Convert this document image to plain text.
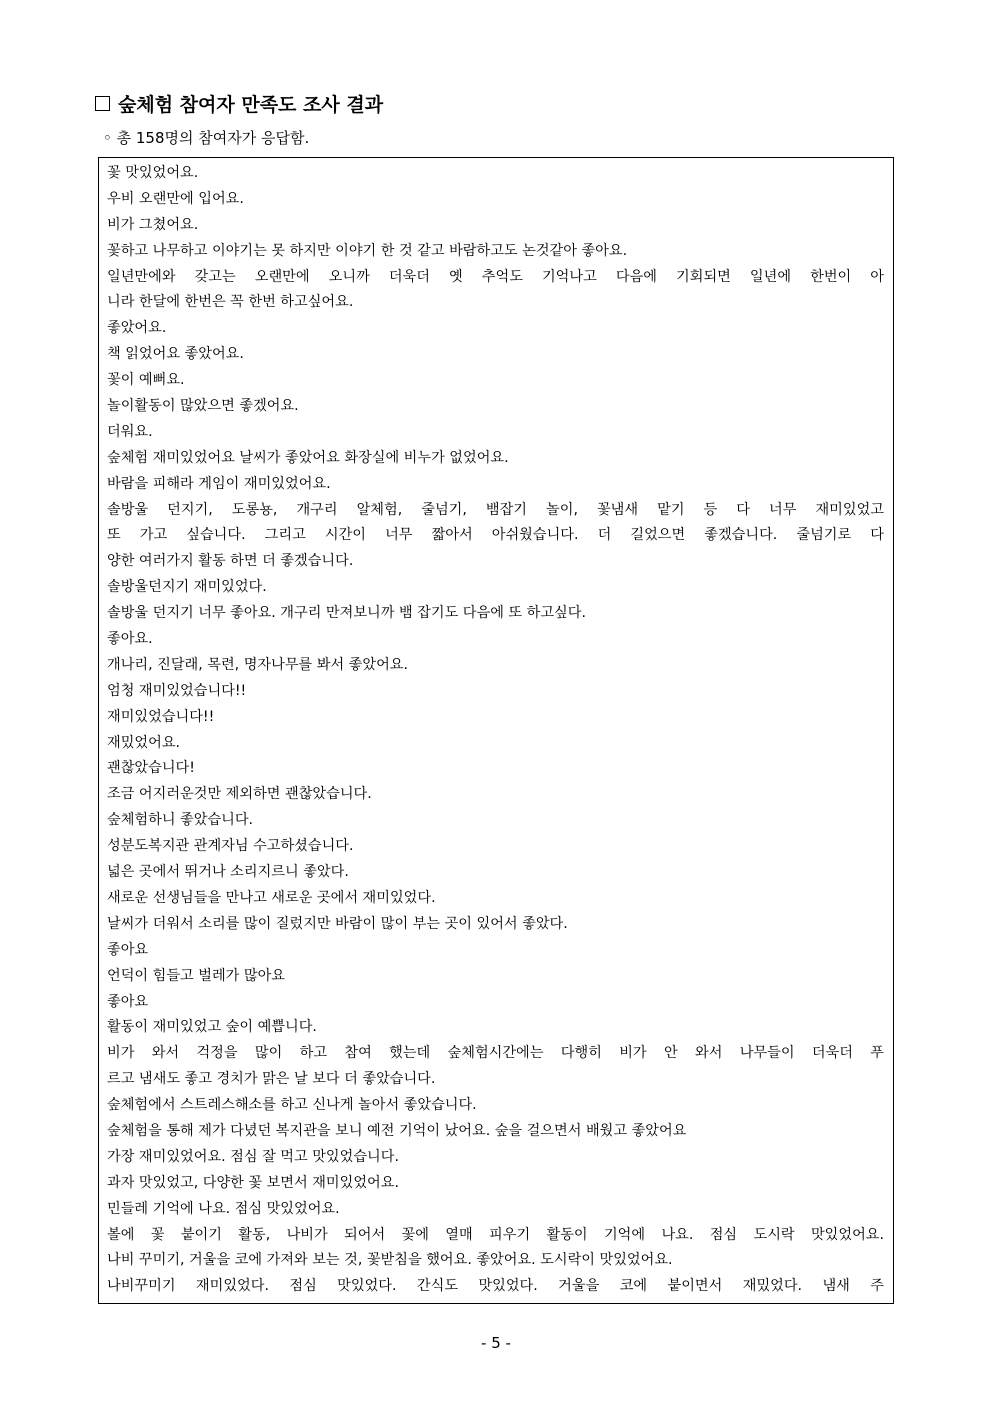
숲체험 참여자 만족도 조사 결과
◦ 총 158명의 참여자가 응답함.
꽃 맛있었어요.
우비 오랜만에 입어요.
비가 그쳤어요.
꽃하고 나무하고 이야기는 못 하지만 이야기 한 것 같고 바람하고도 논것같아 좋아요.
일년만에와 갖고는 오랜만에 오니까 더욱더 옛 추억도 기억나고 다음에 기회되면 일년에 한번이 아
니라 한달에 한번은 꼭 한번 하고싶어요.
좋았어요.
책 읽었어요 좋았어요.
꽃이 예뻐요.
놀이활동이 많았으면 좋겠어요.
더워요.
숲체험 재미있었어요 날씨가 좋았어요 화장실에 비누가 없었어요.
바람을 피해라 게임이 재미있었어요.
솔방울 던지기, 도롱뇽, 개구리 알체험, 줄넘기, 뱀잡기 놀이, 꽃냄새 맡기 등 다 너무 재미있었고
또 가고 싶습니다. 그리고 시간이 너무 짧아서 아쉬웠습니다. 더 길었으면 좋겠습니다. 줄넘기로 다
양한 여러가지 활동 하면 더 좋겠습니다.
솔방울던지기 재미있었다.
솔방울 던지기 너무 좋아요. 개구리 만져보니까 뱀 잡기도 다음에 또 하고싶다.
좋아요.
개나리, 진달래, 목련, 명자나무를 봐서 좋았어요.
엄청 재미있었습니다!!
재미있었습니다!!
재밌었어요.
괜찮았습니다!
조금 어지러운것만 제외하면 괜찮았습니다.
숲체험하니 좋았습니다.
성분도복지관 관계자님 수고하셨습니다.
넓은 곳에서 뛰거나 소리지르니 좋았다.
새로운 선생님들을 만나고 새로운 곳에서 재미있었다.
날씨가 더워서 소리를 많이 질렀지만 바람이 많이 부는 곳이 있어서 좋았다.
좋아요
언덕이 힘들고 벌레가 많아요
좋아요
활동이 재미있었고 숲이 예쁩니다.
비가 와서 걱정을 많이 하고 참여 했는데 숲체험시간에는 다행히 비가 안 와서 나무들이 더욱더 푸
르고 냄새도 좋고 경치가 맑은 날 보다 더 좋았습니다.
숲체험에서 스트레스해소를 하고 신나게 놀아서 좋았습니다.
숲체험을 통해 제가 다녔던 복지관을 보니 예전 기억이 났어요. 숲을 걸으면서 배웠고 좋았어요
가장 재미있었어요. 점심 잘 먹고 맛있었습니다.
과자 맛있었고, 다양한 꽃 보면서 재미있었어요.
민들레 기억에 나요. 점심 맛있었어요.
볼에 꽃 붙이기 활동, 나비가 되어서 꽃에 열매 피우기 활동이 기억에 나요. 점심 도시락 맛있었어요.
나비 꾸미기, 거울을 코에 가져와 보는 것, 꽃받침을 했어요. 좋았어요. 도시락이 맛있었어요.
나비꾸미기 재미있었다. 점심 맛있었다. 간식도 맛있었다. 거울을 코에 붙이면서 재밌었다. 냄새 주
- 5 -
